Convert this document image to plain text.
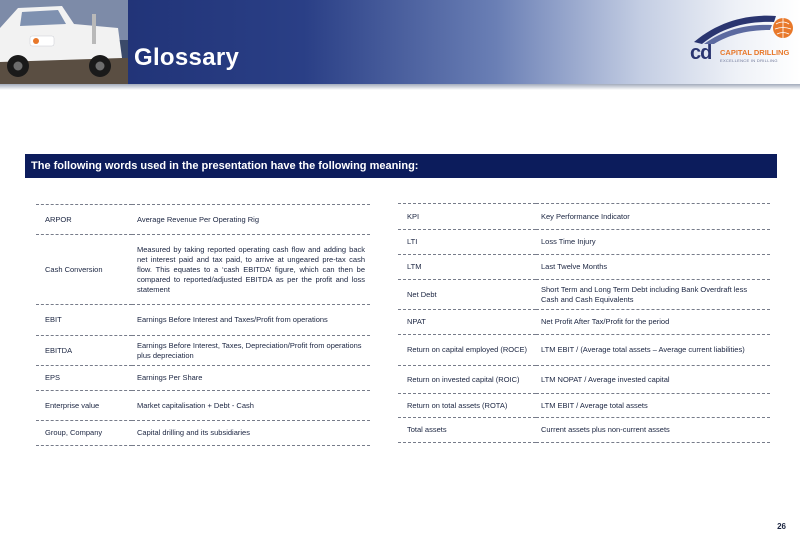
Glossary	cd CAPITAL DRILLING
EXCELLENCE IN DRILLING
The following words used in the presentation have the following meaning:
ARPOR	Average Revenue Per Operating Rig
Cash Conversion	Measured by taking reported operating cash flow and adding back net interest paid and tax paid, to arrive at ungeared pre-tax cash flow. This equates to a ‘cash EBITDA’ figure, which can then be compared to reported/adjusted EBITDA as per the profit and loss statement
EBIT	Earnings Before Interest and Taxes/Profit from operations
EBITDA	Earnings Before Interest, Taxes, Depreciation/Profit from operations plus depreciation
EPS	Earnings Per Share
Enterprise value	Market capitalisation + Debt - Cash
Group, Company	Capital drilling and its subsidiaries
KPI	Key Performance Indicator
LTI	Loss Time Injury
LTM	Last Twelve Months
Net Debt	Short Term and Long Term Debt including Bank Overdraft less Cash and Cash Equivalents
NPAT	Net Profit After Tax/Profit for the period
Return on capital employed (ROCE)	LTM EBIT / (Average total assets – Average current liabilities)
Return on invested capital (ROIC)	LTM NOPAT / Average invested capital
Return on total assets (ROTA)	LTM EBIT / Average total assets
Total assets	Current assets plus non-current assets
26
